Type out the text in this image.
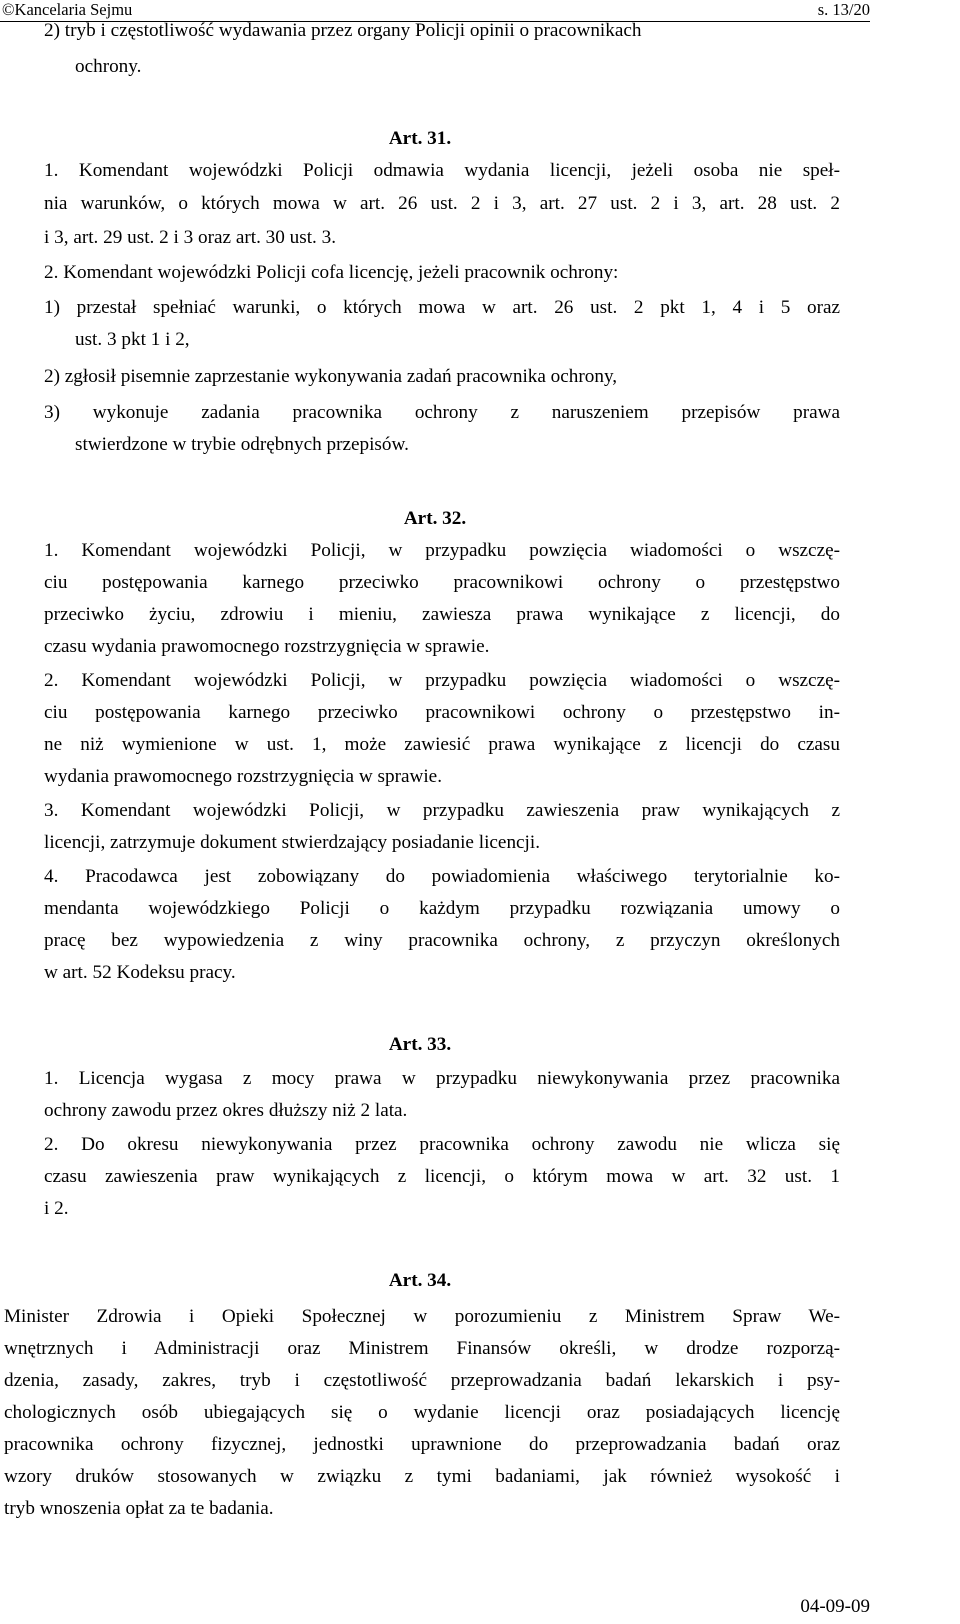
©Kancelaria Sejmu	s. 13/20
2) tryb i częstotliwość wydawania przez organy Policji opinii o pracownikach
ochrony.
Art. 31.
1. Komendant wojewódzki Policji odmawia wydania licencji, jeżeli osoba nie speł-
nia warunków, o których mowa w art. 26 ust. 2 i 3, art. 27 ust. 2 i 3, art. 28 ust. 2
i 3, art. 29 ust. 2 i 3 oraz art. 30 ust. 3.
2. Komendant wojewódzki Policji cofa licencję, jeżeli pracownik ochrony:
1) przestał spełniać warunki, o których mowa w art. 26 ust. 2 pkt 1, 4 i 5 oraz
ust. 3 pkt 1 i 2,
2) zgłosił pisemnie zaprzestanie wykonywania zadań pracownika ochrony,
3) wykonuje zadania pracownika ochrony z naruszeniem przepisów prawa
stwierdzone w trybie odrębnych przepisów.
Art. 32.
1. Komendant wojewódzki Policji, w przypadku powzięcia wiadomości o wszczę-
ciu postępowania karnego przeciwko pracownikowi ochrony o przestępstwo
przeciwko życiu, zdrowiu i mieniu, zawiesza prawa wynikające z licencji, do
czasu wydania prawomocnego rozstrzygnięcia w sprawie.
2. Komendant wojewódzki Policji, w przypadku powzięcia wiadomości o wszczę-
ciu postępowania karnego przeciwko pracownikowi ochrony o przestępstwo in-
ne niż wymienione w ust. 1, może zawiesić prawa wynikające z licencji do czasu
wydania prawomocnego rozstrzygnięcia w sprawie.
3. Komendant wojewódzki Policji, w przypadku zawieszenia praw wynikających z
licencji, zatrzymuje dokument stwierdzający posiadanie licencji.
4. Pracodawca jest zobowiązany do powiadomienia właściwego terytorialnie ko-
mendanta wojewódzkiego Policji o każdym przypadku rozwiązania umowy o
pracę bez wypowiedzenia z winy pracownika ochrony, z przyczyn określonych
w art. 52 Kodeksu pracy.
Art. 33.
1. Licencja wygasa z mocy prawa w przypadku niewykonywania przez pracownika
ochrony zawodu przez okres dłuższy niż 2 lata.
2. Do okresu niewykonywania przez pracownika ochrony zawodu nie wlicza się
czasu zawieszenia praw wynikających z licencji, o którym mowa w art. 32 ust. 1
i 2.
Art. 34.
Minister Zdrowia i Opieki Społecznej w porozumieniu z Ministrem Spraw We-
wnętrznych i Administracji oraz Ministrem Finansów określi, w drodze rozporzą-
dzenia, zasady, zakres, tryb i częstotliwość przeprowadzania badań lekarskich i psy-
chologicznych osób ubiegających się o wydanie licencji oraz posiadających licencję
pracownika ochrony fizycznej, jednostki uprawnione do przeprowadzania badań oraz
wzory druków stosowanych w związku z tymi badaniami, jak również wysokość i
tryb wnoszenia opłat za te badania.
04-09-09
